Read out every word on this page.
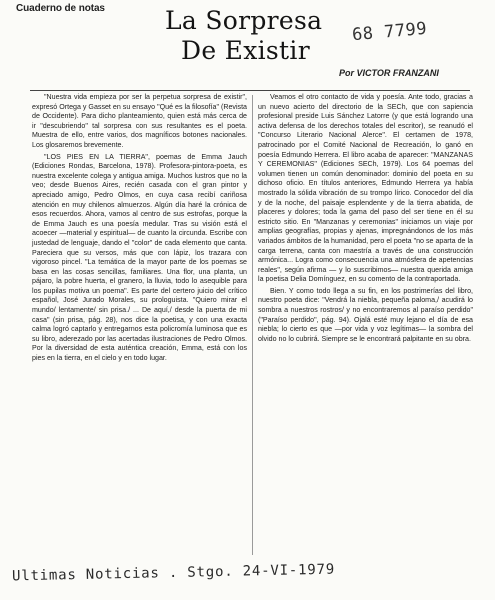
Cuaderno de notas La Sorpresa
De Existir
68 7799
Por VICTOR FRANZANI

"Nuestra vida empieza por ser la perpetua sorpresa de existir", expresó Ortega y Gasset en su ensayo "Qué es la filosofía" (Revista de Occidente). Para dicho planteamiento, quien está más cerca de ir "descubriendo" tal sorpresa con sus resultantes es el poeta. Muestra de ello, entre varios, dos magníficos botones nacionales. Los glosaremos brevemente.

"LOS PIES EN LA TIERRA", poemas de Emma Jauch (Ediciones Rondas, Barcelona, 1978). Profesora-pintora-poeta, es nuestra excelente colega y antigua amiga. Muchos lustros que no la veo; desde Buenos Aires, recién casada con el gran pintor y apreciado amigo, Pedro Olmos, en cuya casa recibí cariñosa atención en muy chilenos almuerzos. Algún día haré la crónica de esos recuerdos. Ahora, vamos al centro de sus estrofas, porque la de Emma Jauch es una poesía medular. Tras su visión está el acoecer —material y espiritual— de cuanto la circunda. Escribe con justedad de lenguaje, dando el "color" de cada elemento que canta. Pareciera que su versos, más que con lápiz, los trazara con vigoroso pincel. "La temática de la mayor parte de los poemas se basa en las cosas sencillas, familiares. Una flor, una planta, un pájaro, la pobre huerta, el granero, la lluvia, todo lo asequible para los pupilas motiva un poema". Es parte del certero juicio del crítico español, José Jurado Morales, su prologuista. "Quiero mirar el mundo/ lentamente/ sin prisa./ ... De aquí,/ desde la puerta de mi casa" (sin prisa, pág. 28), nos dice la poetisa, y con una exacta calma logró captarlo y entregarnos esta policromía luminosa que es su libro, aderezado por las acertadas ilustraciones de Pedro Olmos. Por la diversidad de esta auténtica creación, Emma, está con los pies en la tierra, en el cielo y en todo lugar.

Veamos el otro contacto de vida y poesía. Ante todo, gracias a un nuevo acierto del directorio de la SECh, que con sapiencia profesional preside Luis Sánchez Latorre (y que está logrando una activa defensa de los derechos totales del escritor), se reanudó el "Concurso Literario Nacional Alerce". El certamen de 1978, patrocinado por el Comité Nacional de Recreación, lo ganó en poesía Edmundo Herrera. El libro acaba de aparecer: "MANZANAS Y CEREMONIAS" (Ediciones SECh, 1979). Los 64 poemas del volumen tienen un común denominador: dominio del poeta en su dichoso oficio. En títulos anteriores, Edmundo Herrera ya había mostrado la sólida vibración de su trompo lírico. Conocedor del día y de la noche, del paisaje esplendente y de la tierra abatida, de placeres y dolores; toda la gama del paso del ser tiene en él su estricto sitio. En "Manzanas y ceremonias" iniciamos un viaje por amplias geografías, propias y ajenas, impregnándonos de los más variados ámbitos de la humanidad, pero el poeta "no se aparta de la carga terrena, canta con maestría a través de una construcción armónica... Logra como consecuencia una atmósfera de apetencias reales", según afirma — y lo suscribimos— nuestra querida amiga la poetisa Delia Domínguez, en su comento de la contraportada.

Bien. Y como todo llega a su fin, en los postrimerías del libro, nuestro poeta dice: "Vendrá la niebla, pequeña paloma,/ acudirá lo sombra a nuestros rostros/ y no encontraremos al paraíso perdido" ("Paraíso perdido", pág. 94). Ojalá esté muy lejano el día de esa niebla; lo cierto es que —por vida y voz legítimas— la sombra del olvido no lo cubrirá. Siempre se le encontrará palpitante en su obra.

Ultimas Noticias . Stgo. 24-VI-1979
